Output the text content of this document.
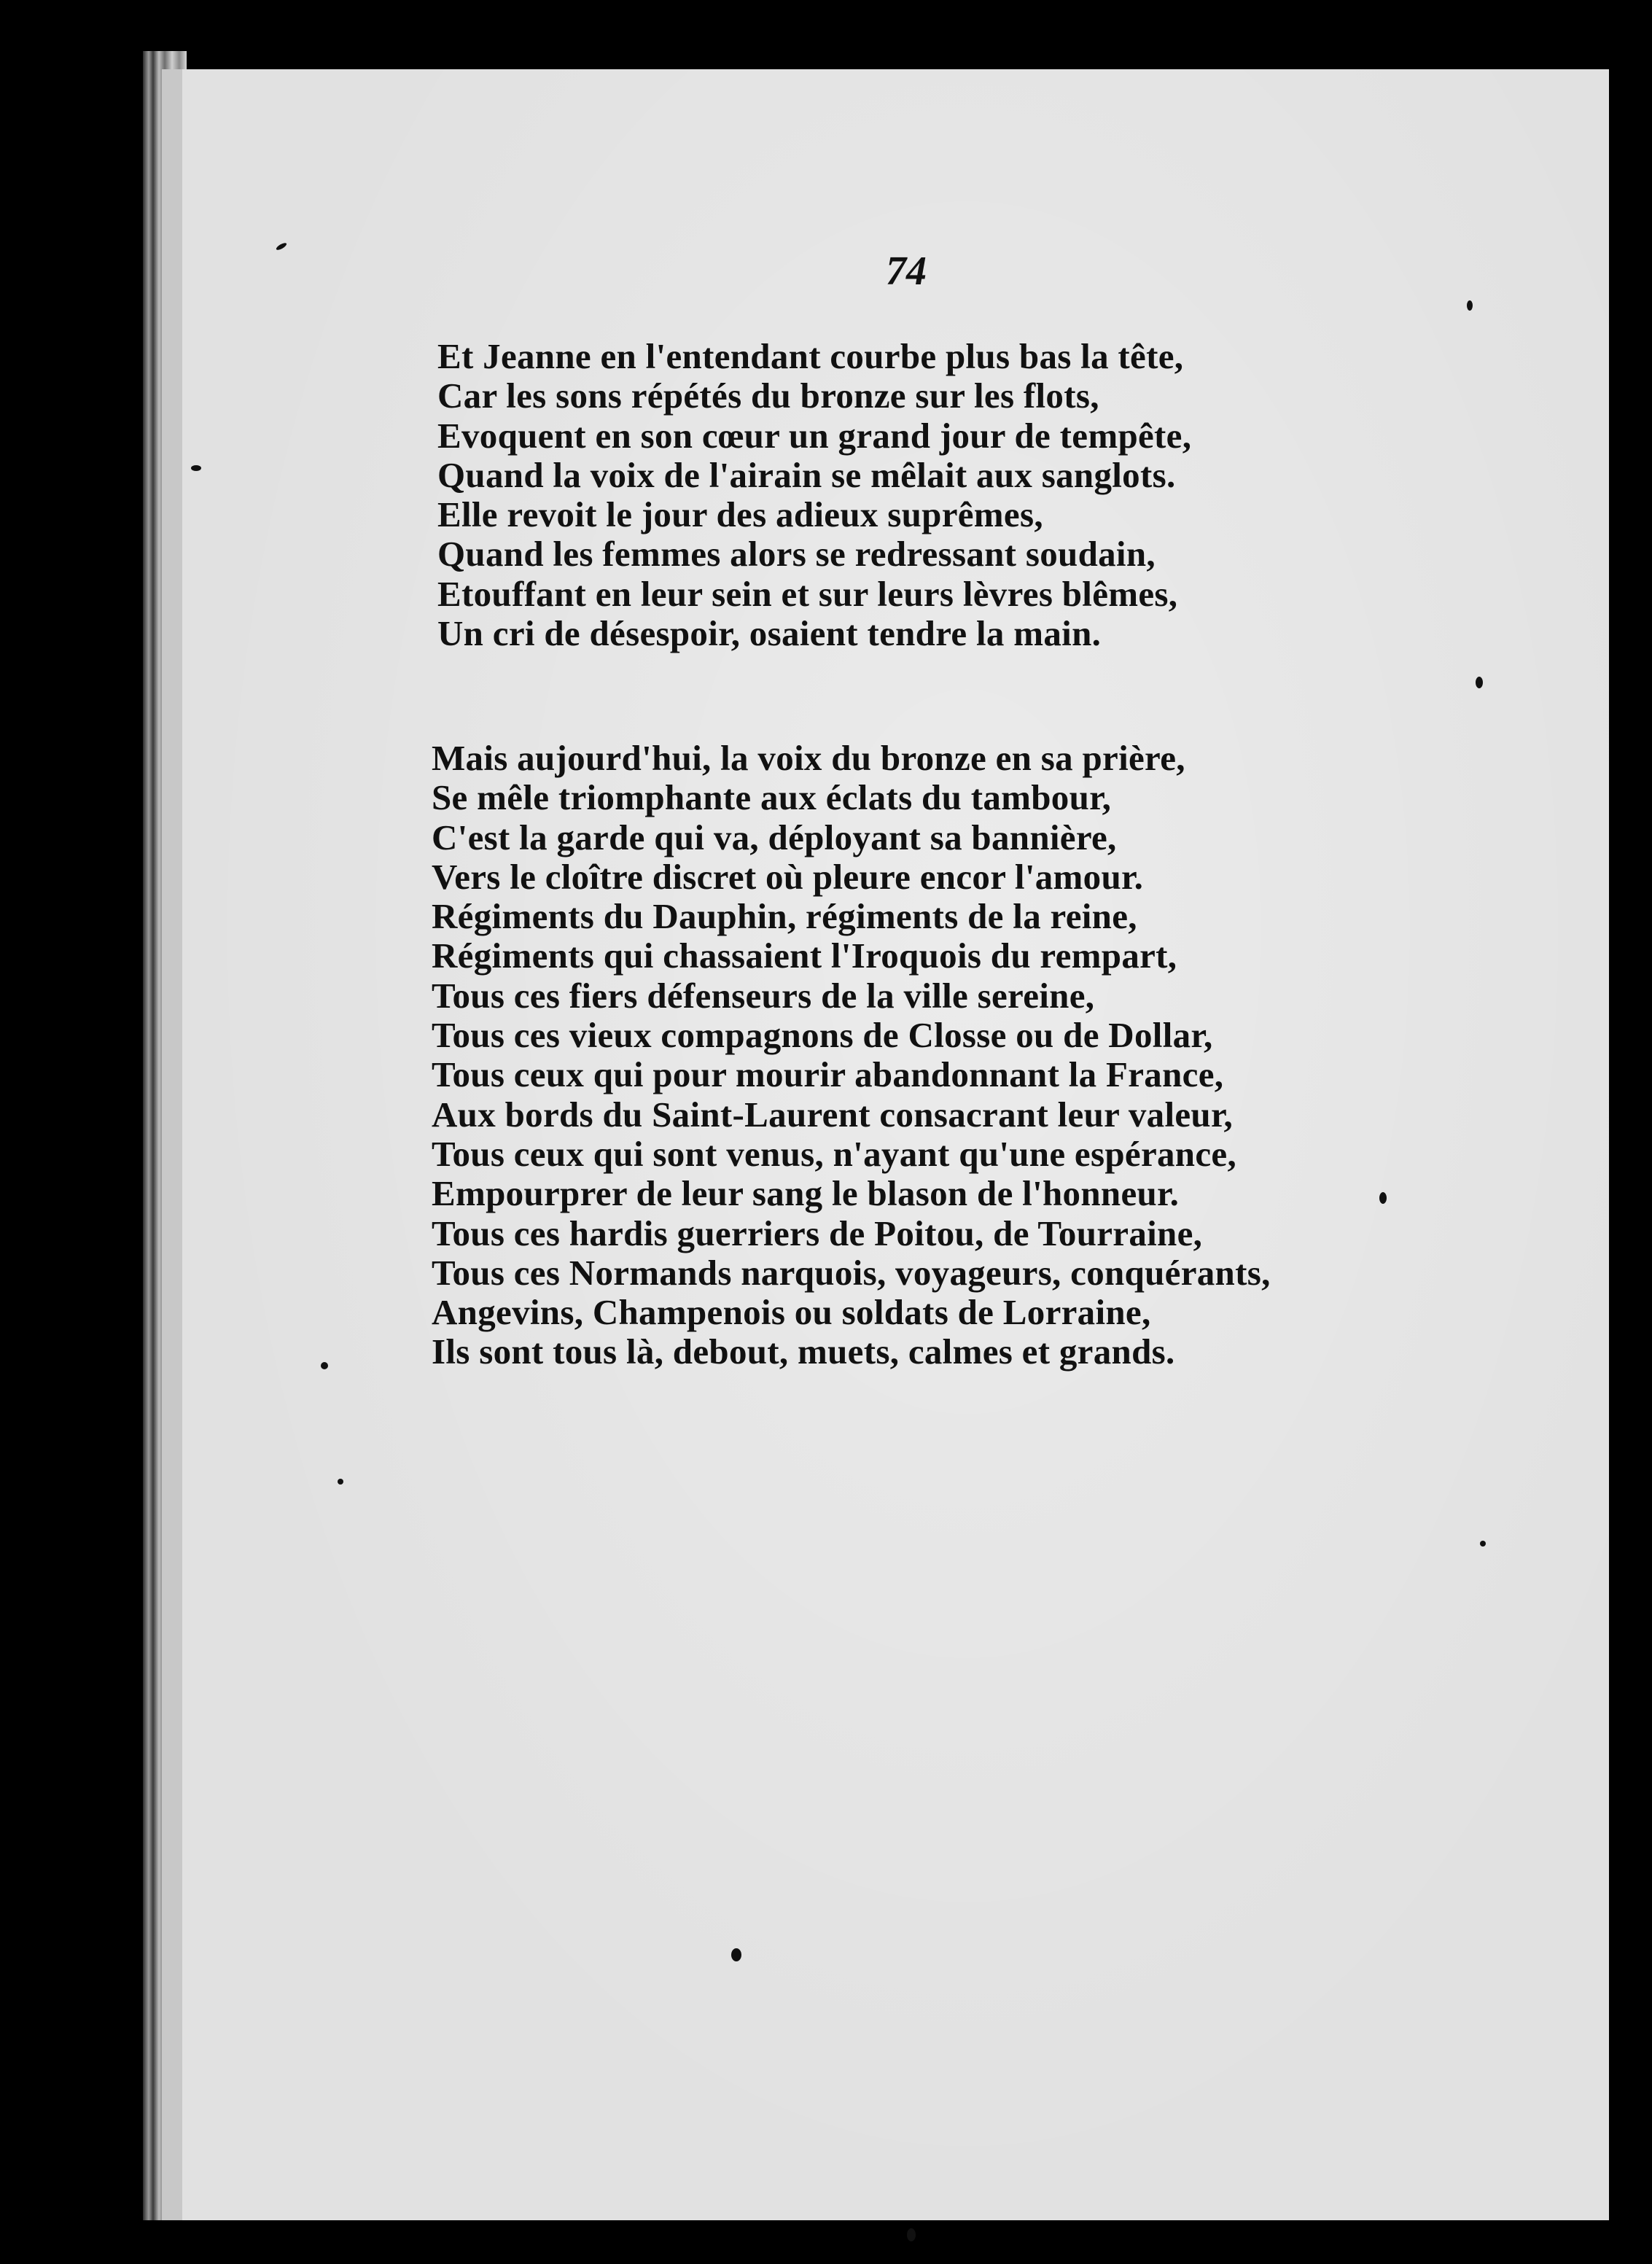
74
Et Jeanne en l'entendant courbe plus bas la tête,
Car les sons répétés du bronze sur les flots,
Evoquent en son cœur un grand jour de tempête,
Quand la voix de l'airain se mêlait aux sanglots.
Elle revoit le jour des adieux suprêmes,
Quand les femmes alors se redressant soudain,
Etouffant en leur sein et sur leurs lèvres blêmes,
Un cri de désespoir, osaient tendre la main.
Mais aujourd'hui, la voix du bronze en sa prière,
Se mêle triomphante aux éclats du tambour,
C'est la garde qui va, déployant sa bannière,
Vers le cloître discret où pleure encor l'amour.
Régiments du Dauphin, régiments de la reine,
Régiments qui chassaient l'Iroquois du rempart,
Tous ces fiers défenseurs de la ville sereine,
Tous ces vieux compagnons de Closse ou de Dollar,
Tous ceux qui pour mourir abandonnant la France,
Aux bords du Saint-Laurent consacrant leur valeur,
Tous ceux qui sont venus, n'ayant qu'une espérance,
Empourprer de leur sang le blason de l'honneur.
Tous ces hardis guerriers de Poitou, de Tourraine,
Tous ces Normands narquois, voyageurs, conquérants,
Angevins, Champenois ou soldats de Lorraine,
Ils sont tous là, debout, muets, calmes et grands.
